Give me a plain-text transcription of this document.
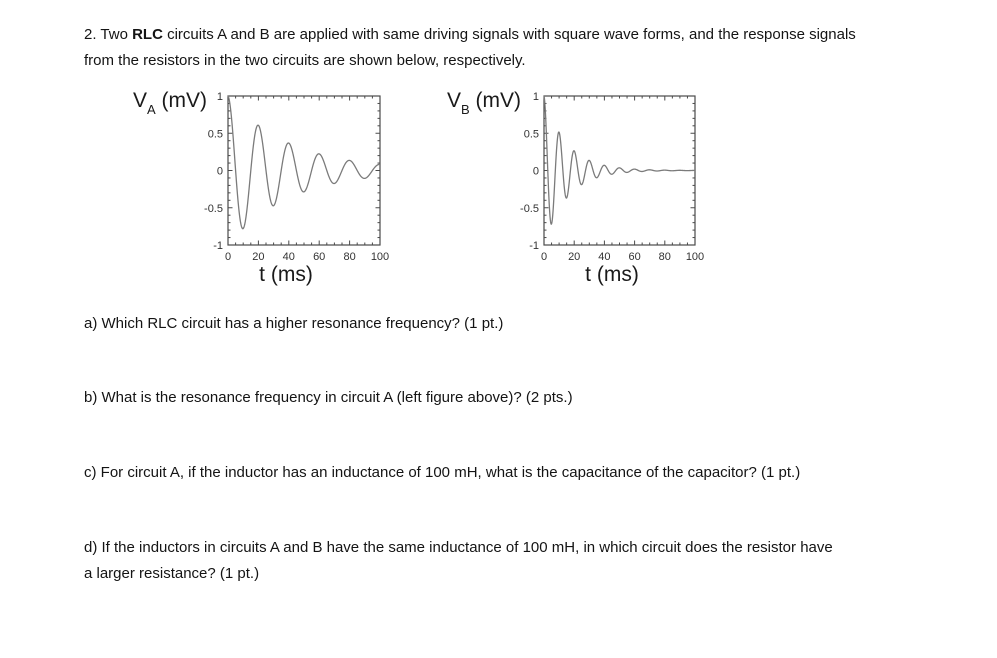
2. Two RLC circuits A and B are applied with same driving signals with square wave forms, and the response signals
from the resistors in the two circuits are shown below, respectively.
$V_A$ (mV)
0 20 40 60 80 100
-1
-0.5
0
0.5
1
t (ms)
$V_B$ (mV)
0 20 40 60 80 100
-1
-0.5
0
0.5
1
t (ms)
a) Which RLC circuit has a higher resonance frequency? (1 pt.)
b) What is the resonance frequency in circuit A (left figure above)? (2 pts.)
c) For circuit A, if the inductor has an inductance of 100 mH, what is the capacitance of the capacitor? (1 pt.)
d) If the inductors in circuits A and B have the same inductance of 100 mH, in which circuit does the resistor have
a larger resistance? (1 pt.)
